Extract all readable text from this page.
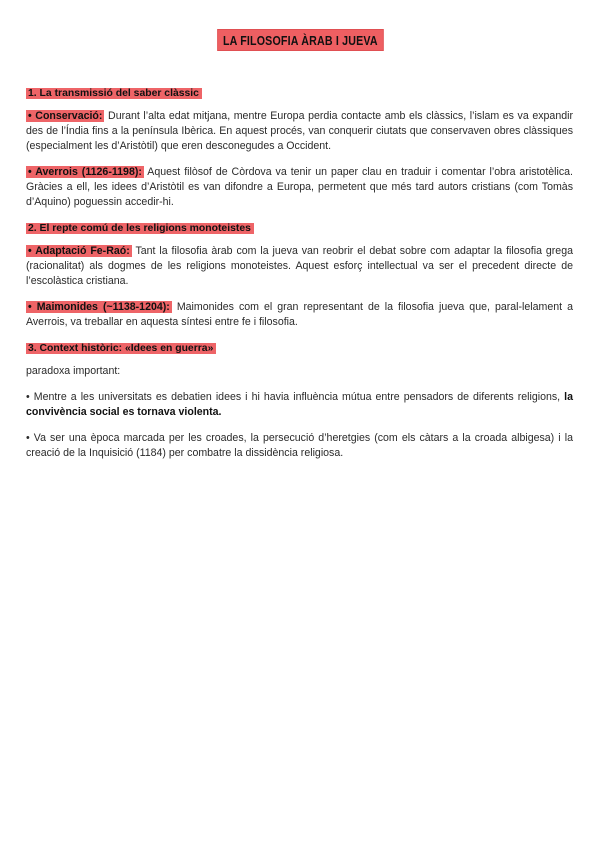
LA FILOSOFIA ÀRAB I JUEVA
1. La transmissió del saber clàssic

• Conservació: Durant l’alta edat mitjana, mentre Europa perdia contacte amb els clàssics, l’islam es va expandir des de l’Índia fins a la península Ibèrica. En aquest procés, van conquerir ciutats que conservaven obres clàssiques (especialment les d’Aristòtil) que eren desconegudes a Occident.

• Averrois (1126-1198): Aquest filòsof de Còrdova va tenir un paper clau en traduir i comentar l’obra aristotèlica. Gràcies a ell, les idees d’Aristòtil es van difondre a Europa, permetent que més tard autors cristians (com Tomàs d’Aquino) poguessin accedir-hi.

2. El repte comú de les religions monoteistes

• Adaptació Fe-Raó: Tant la filosofia àrab com la jueva van reobrir el debat sobre com adaptar la filosofia grega (racionalitat) als dogmes de les religions monoteistes. Aquest esforç intellectual va ser el precedent directe de l’escolàstica cristiana.

• Maimonides (~1138-1204): Maimonides com el gran representant de la filosofia jueva que, paral-lelament a Averrois, va treballar en aquesta síntesi entre fe i filosofia.

3. Context històric: «Idees en guerra»

paradoxa important:

• Mentre a les universitats es debatien idees i hi havia influència mútua entre pensadors de diferents religions, la convivència social es tornava violenta.

• Va ser una època marcada per les croades, la persecució d’heretgies (com els càtars a la croada albigesa) i la creació de la Inquisició (1184) per combatre la dissidència religiosa.
